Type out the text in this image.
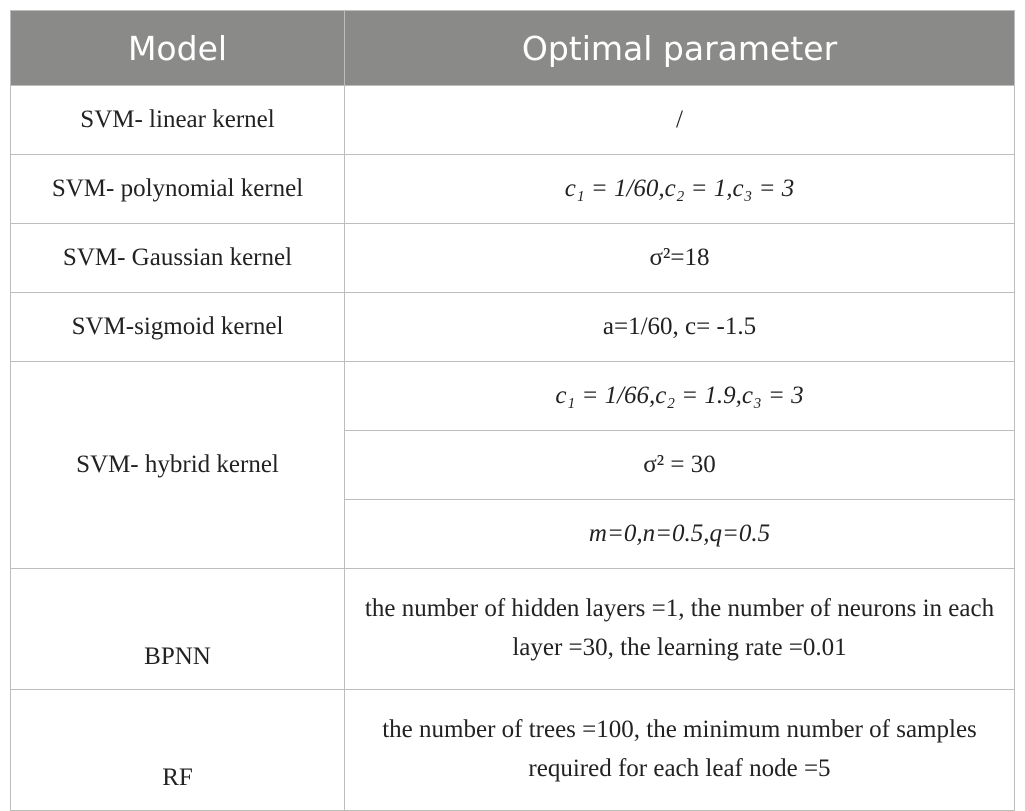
Model	Optimal parameter
SVM- linear kernel	/
SVM- polynomial kernel	c₁ = 1/60,c₂ = 1,c₃ = 3
SVM- Gaussian kernel	σ²=18
SVM-sigmoid kernel	a=1/60, c= -1.5
SVM- hybrid kernel	c₁ = 1/66,c₂ = 1.9,c₃ = 3
	σ² = 30
	m=0,n=0.5,q=0.5
BPNN	the number of hidden layers =1, the number of neurons in each layer =30, the learning rate =0.01
RF	the number of trees =100, the minimum number of samples required for each leaf node =5
